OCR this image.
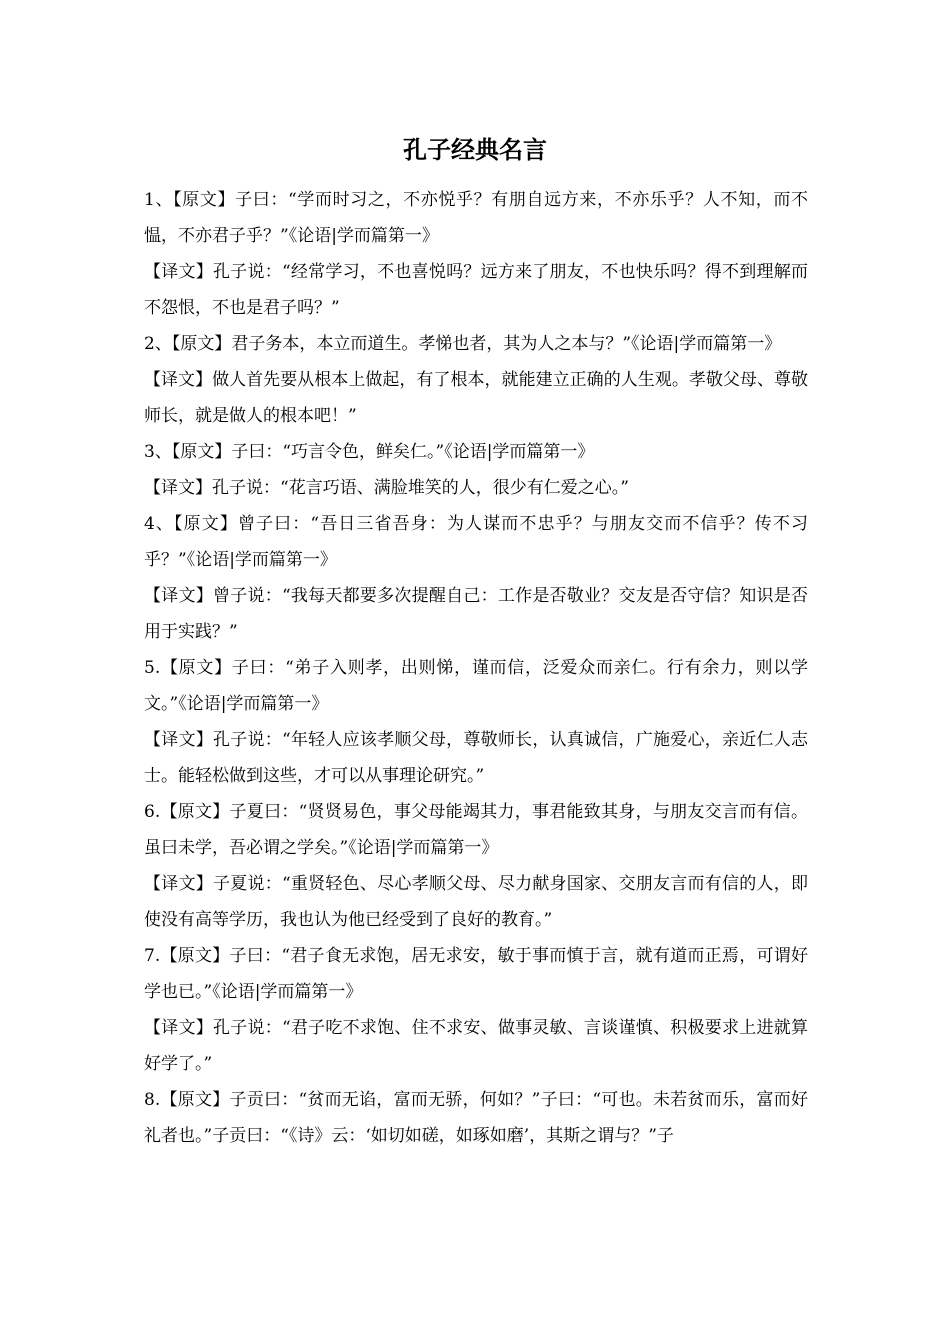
孔子经典名言

1、【原文】子曰：“学而时习之，不亦悦乎？有朋自远方来，不亦乐乎？人不知，而不愠，不亦君子乎？”《论语|学而篇第一》

【译文】孔子说：“经常学习，不也喜悦吗？远方来了朋友，不也快乐吗？得不到理解而不怨恨，不也是君子吗？”

2、【原文】君子务本，本立而道生。孝悌也者，其为人之本与？”《论语|学而篇第一》

【译文】做人首先要从根本上做起，有了根本，就能建立正确的人生观。孝敬父母、尊敬师长，就是做人的根本吧！”

3、【原文】子曰：“巧言令色，鲜矣仁。”《论语|学而篇第一》

【译文】孔子说：“花言巧语、满脸堆笑的人，很少有仁爱之心。”

4、【原文】曾子曰：“吾日三省吾身：为人谋而不忠乎？与朋友交而不信乎？传不习乎？”《论语|学而篇第一》

【译文】曾子说：“我每天都要多次提醒自己：工作是否敬业？交友是否守信？知识是否用于实践？”

5.【原文】子曰：“弟子入则孝，出则悌，谨而信，泛爱众而亲仁。行有余力，则以学文。”《论语|学而篇第一》

【译文】孔子说：“年轻人应该孝顺父母，尊敬师长，认真诚信，广施爱心，亲近仁人志士。能轻松做到这些，才可以从事理论研究。”

6.【原文】子夏曰：“贤贤易色，事父母能竭其力，事君能致其身，与朋友交言而有信。虽曰未学，吾必谓之学矣。”《论语|学而篇第一》

【译文】子夏说：“重贤轻色、尽心孝顺父母、尽力献身国家、交朋友言而有信的人，即使没有高等学历，我也认为他已经受到了良好的教育。”

7.【原文】子曰：“君子食无求饱，居无求安，敏于事而慎于言，就有道而正焉，可谓好学也已。”《论语|学而篇第一》

【译文】孔子说：“君子吃不求饱、住不求安、做事灵敏、言谈谨慎、积极要求上进就算好学了。”

8.【原文】子贡曰：“贫而无谄，富而无骄，何如？”子曰：“可也。未若贫而乐，富而好礼者也。”子贡曰：“《诗》云：‘如切如磋，如琢如磨’，其斯之谓与？”子
